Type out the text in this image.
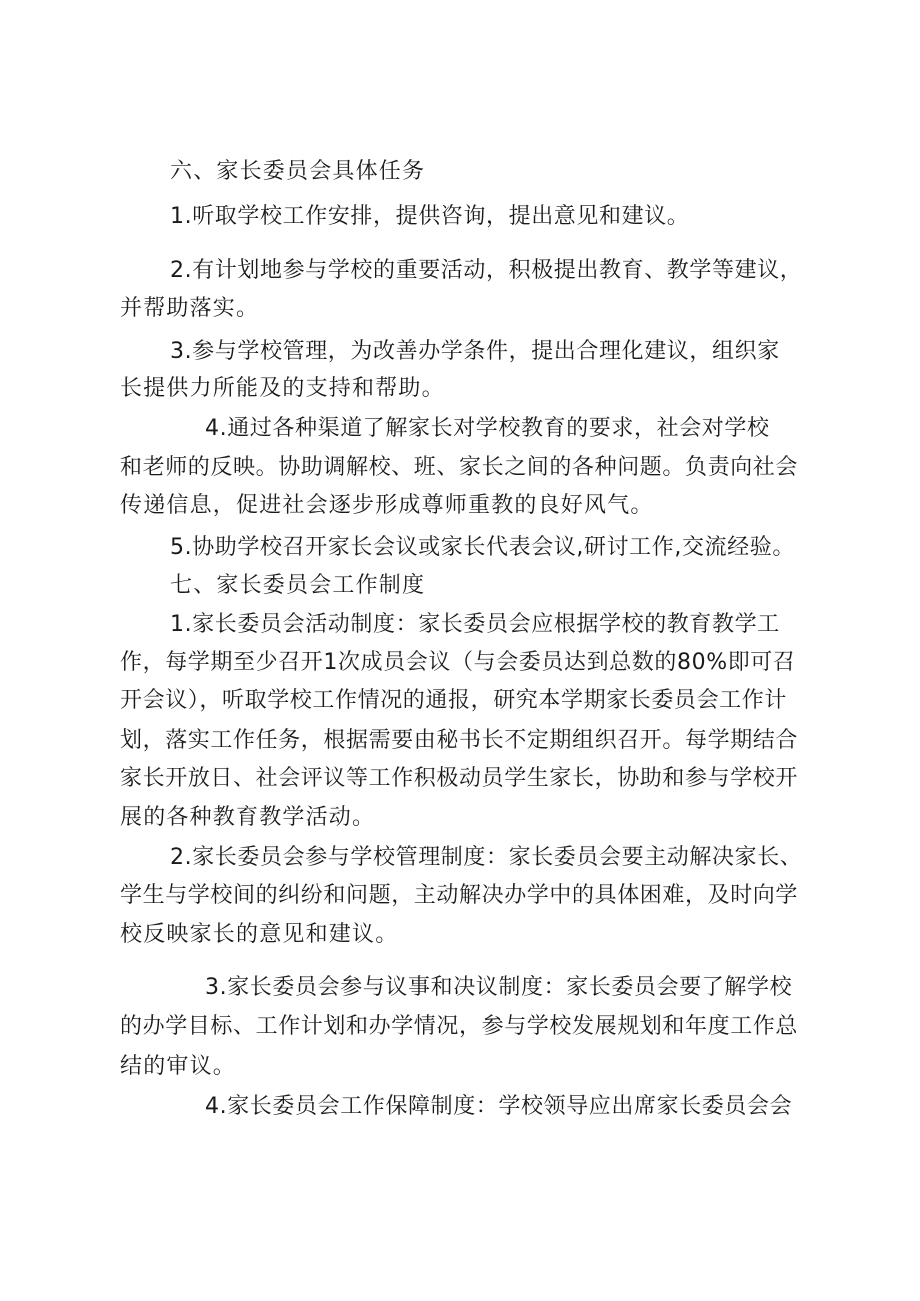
六、家长委员会具体任务
1.听取学校工作安排，提供咨询，提出意见和建议。
2.有计划地参与学校的重要活动，积极提出教育、教学等建议，
并帮助落实。
3.参与学校管理，为改善办学条件，提出合理化建议，组织家
长提供力所能及的支持和帮助。
4.通过各种渠道了解家长对学校教育的要求，社会对学校
和老师的反映。协助调解校、班、家长之间的各种问题。负责向社会
传递信息，促进社会逐步形成尊师重教的良好风气。
5.协助学校召开家长会议或家长代表会议,研讨工作,交流经验。
七、家长委员会工作制度
1.家长委员会活动制度：家长委员会应根据学校的教育教学工
作，每学期至少召开1次成员会议（与会委员达到总数的80%即可召
开会议），听取学校工作情况的通报，研究本学期家长委员会工作计
划，落实工作任务，根据需要由秘书长不定期组织召开。每学期结合
家长开放日、社会评议等工作积极动员学生家长，协助和参与学校开
展的各种教育教学活动。
2.家长委员会参与学校管理制度：家长委员会要主动解决家长、
学生与学校间的纠纷和问题，主动解决办学中的具体困难，及时向学
校反映家长的意见和建议。
3.家长委员会参与议事和决议制度：家长委员会要了解学校
的办学目标、工作计划和办学情况，参与学校发展规划和年度工作总
结的审议。
4.家长委员会工作保障制度：学校领导应出席家长委员会会
